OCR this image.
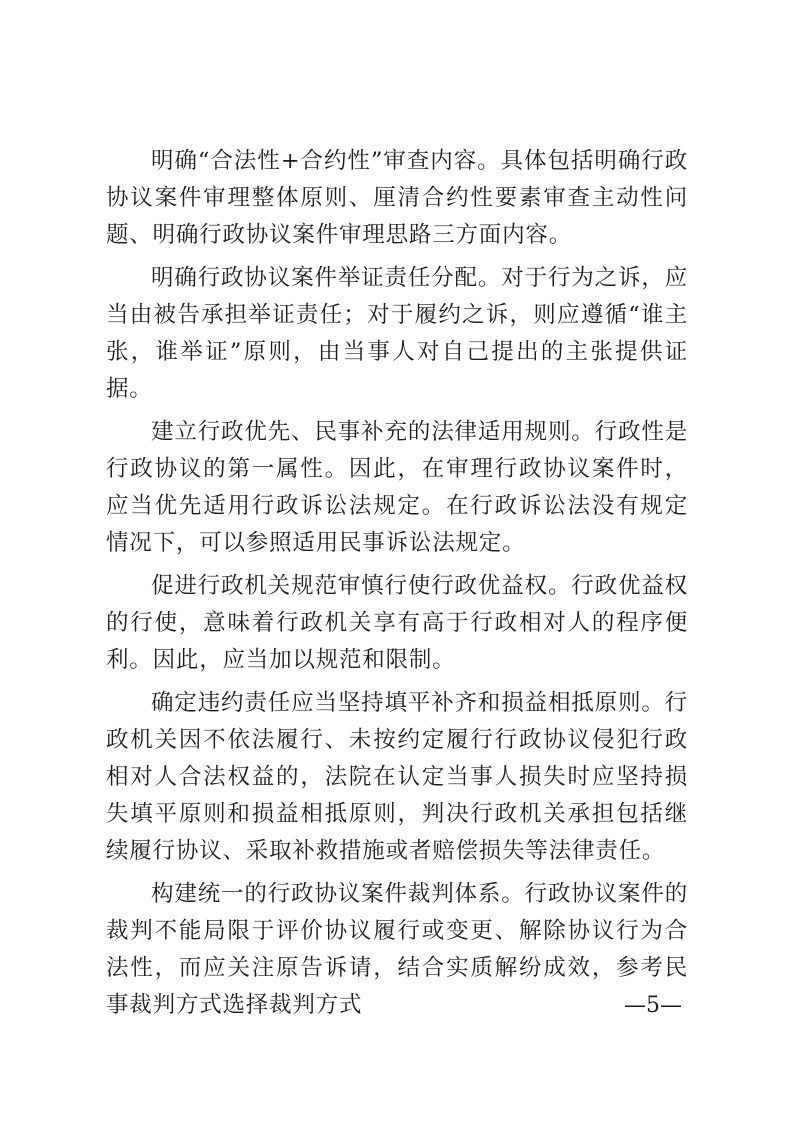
明确“合法性+合约性”审查内容。具体包括明确行政协议案件审理整体原则、厘清合约性要素审查主动性问题、明确行政协议案件审理思路三方面内容。

明确行政协议案件举证责任分配。对于行为之诉，应当由被告承担举证责任；对于履约之诉，则应遵循“谁主张，谁举证”原则，由当事人对自己提出的主张提供证据。

建立行政优先、民事补充的法律适用规则。行政性是行政协议的第一属性。因此，在审理行政协议案件时，应当优先适用行政诉讼法规定。在行政诉讼法没有规定情况下，可以参照适用民事诉讼法规定。

促进行政机关规范审慎行使行政优益权。行政优益权的行使，意味着行政机关享有高于行政相对人的程序便利。因此，应当加以规范和限制。

确定违约责任应当坚持填平补齐和损益相抵原则。行政机关因不依法履行、未按约定履行行政协议侵犯行政相对人合法权益的，法院在认定当事人损失时应坚持损失填平原则和损益相抵原则，判决行政机关承担包括继续履行协议、采取补救措施或者赔偿损失等法律责任。

构建统一的行政协议案件裁判体系。行政协议案件的裁判不能局限于评价协议履行或变更、解除协议行为合法性，而应关注原告诉请，结合实质解纷成效，参考民事裁判方式选择裁判方式	—5—
